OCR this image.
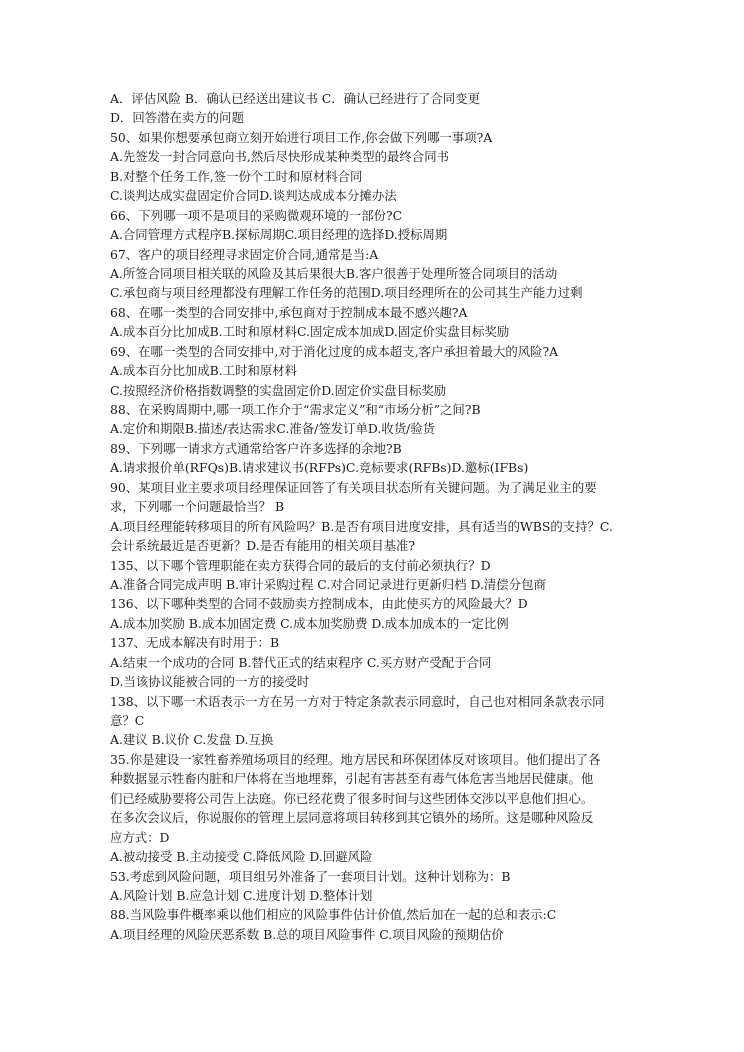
A．评估风险 B．确认已经送出建议书 C．确认已经进行了合同变更
D．回答潜在卖方的问题
50、如果你想要承包商立刻开始进行项目工作,你会做下列哪一事项?A
A.先签发一封合同意向书,然后尽快形成某种类型的最终合同书
B.对整个任务工作,签一份个工时和原材料合同
C.谈判达成实盘固定价合同D.谈判达成成本分摊办法
66、下列哪一项不是项目的采购微观环境的一部份?C
A.合同管理方式程序B.探标周期C.项目经理的选择D.授标周期
67、客户的项目经理寻求固定价合同,通常是当:A
A.所签合同项目相关联的风险及其后果很大B.客户很善于处理所签合同项目的活动
C.承包商与项目经理都没有理解工作任务的范围D.项目经理所在的公司其生产能力过剩
68、在哪一类型的合同安排中,承包商对于控制成本最不感兴趣?A
A.成本百分比加成B.工时和原材料C.固定成本加成D.固定价实盘目标奖励
69、在哪一类型的合同安排中,对于消化过度的成本超支,客户承担着最大的风险?A
A.成本百分比加成B.工时和原材料
C.按照经济价格指数调整的实盘固定价D.固定价实盘目标奖励
88、在采购周期中,哪一项工作介于“需求定义”和“市场分析”之间?B
A.定价和期限B.描述/表达需求C.准备/签发订单D.收货/验货
89、下列哪一请求方式通常给客户许多选择的余地?B
A.请求报价单(RFQs)B.请求建议书(RFPs)C.竞标要求(RFBs)D.邀标(IFBs)
90、某项目业主要求项目经理保证回答了有关项目状态所有关键问题。为了满足业主的要
求，下列哪一个问题最恰当？ B
A.项目经理能转移项目的所有风险吗？B.是否有项目进度安排，具有适当的WBS的支持？C.
会计系统最近是否更新？D.是否有能用的相关项目基准?
135、以下哪个管理职能在卖方获得合同的最后的支付前必须执行？D
A.准备合同完成声明 B.审计采购过程 C.对合同记录进行更新归档 D.清偿分包商
136、以下哪种类型的合同不鼓励卖方控制成本，由此使买方的风险最大？D
A.成本加奖励 B.成本加固定费 C.成本加奖励费 D.成本加成本的一定比例
137、无成本解决有时用于：B
A.结束一个成功的合同 B.替代正式的结束程序 C.买方财产受配于合同
D.当该协议能被合同的一方的接受时
138、以下哪一术语表示一方在另一方对于特定条款表示同意时，自己也对相同条款表示同
意？C
A.建议 B.议价 C.发盘 D.互换
35.你是建设一家牲畜养殖场项目的经理。地方居民和环保团体反对该项目。他们提出了各
种数据显示牲畜内脏和尸体将在当地埋葬，引起有害甚至有毒气体危害当地居民健康。他
们已经威胁要将公司告上法庭。你已经花费了很多时间与这些团体交涉以平息他们担心。
在多次会议后，你说服你的管理上层同意将项目转移到其它镇外的场所。这是哪种风险反
应方式：D
A.被动接受 B.主动接受 C.降低风险 D.回避风险
53.考虑到风险问题，项目组另外准备了一套项目计划。这种计划称为：B
A.风险计划 B.应急计划 C.进度计划 D.整体计划
88.当风险事件概率乘以他们相应的风险事件估计价值,然后加在一起的总和表示:C
A.项目经理的风险厌恶系数 B.总的项目风险事件 C.项目风险的预期估价
